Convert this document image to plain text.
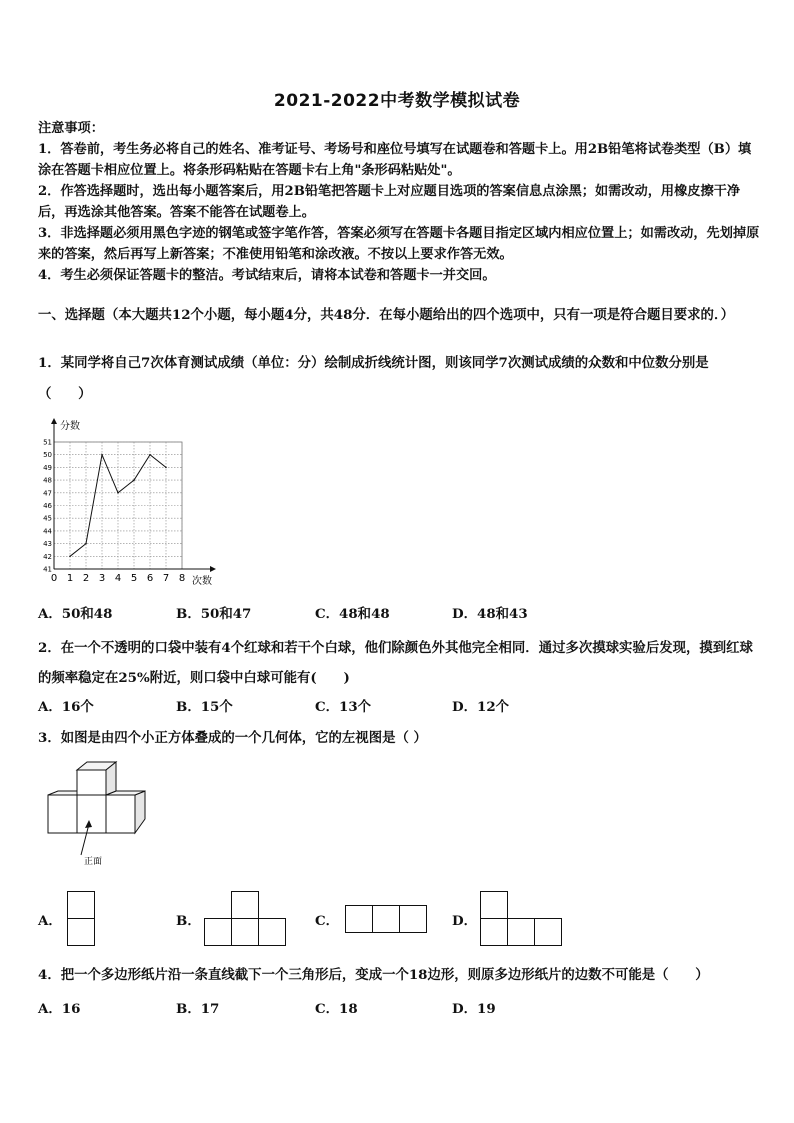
2021-2022中考数学模拟试卷
注意事项：

1．答卷前，考生务必将自己的姓名、准考证号、考场号和座位号填写在试题卷和答题卡上。用2B铅笔将试卷类型（B）填涂在答题卡相应位置上。将条形码粘贴在答题卡右上角"条形码粘贴处"。

2．作答选择题时，选出每小题答案后，用2B铅笔把答题卡上对应题目选项的答案信息点涂黑；如需改动，用橡皮擦干净后，再选涂其他答案。答案不能答在试题卷上。

3．非选择题必须用黑色字迹的钢笔或签字笔作答，答案必须写在答题卡各题目指定区域内相应位置上；如需改动，先划掉原来的答案，然后再写上新答案；不准使用铅笔和涂改液。不按以上要求作答无效。

4．考生必须保证答题卡的整洁。考试结束后，请将本试卷和答题卡一并交回。

一、选择题（本大题共12个小题，每小题4分，共48分．在每小题给出的四个选项中，只有一项是符合题目要求的．）
1．某同学将自己7次体育测试成绩（单位：分）绘制成折线统计图，则该同学7次测试成绩的众数和中位数分别是
（　　）
0 1 2 3 4 5 6 7 8
41
42
43
44
45
46
47
48
49
50
51
分数
次数
A．50和48	B．50和47	C．48和48	D．48和43
2．在一个不透明的口袋中装有4个红球和若干个白球，他们除颜色外其他完全相同．通过多次摸球实验后发现，摸到红球的频率稳定在25%附近，则口袋中白球可能有(　　)
A．16个	B．15个	C．13个	D．12个
3．如图是由四个小正方体叠成的一个几何体，它的左视图是（ ）
正面
A．	B．	C．	D．
4．把一个多边形纸片沿一条直线截下一个三角形后，变成一个18边形，则原多边形纸片的边数不可能是（　　）
A．16	B．17	C．18	D．19
